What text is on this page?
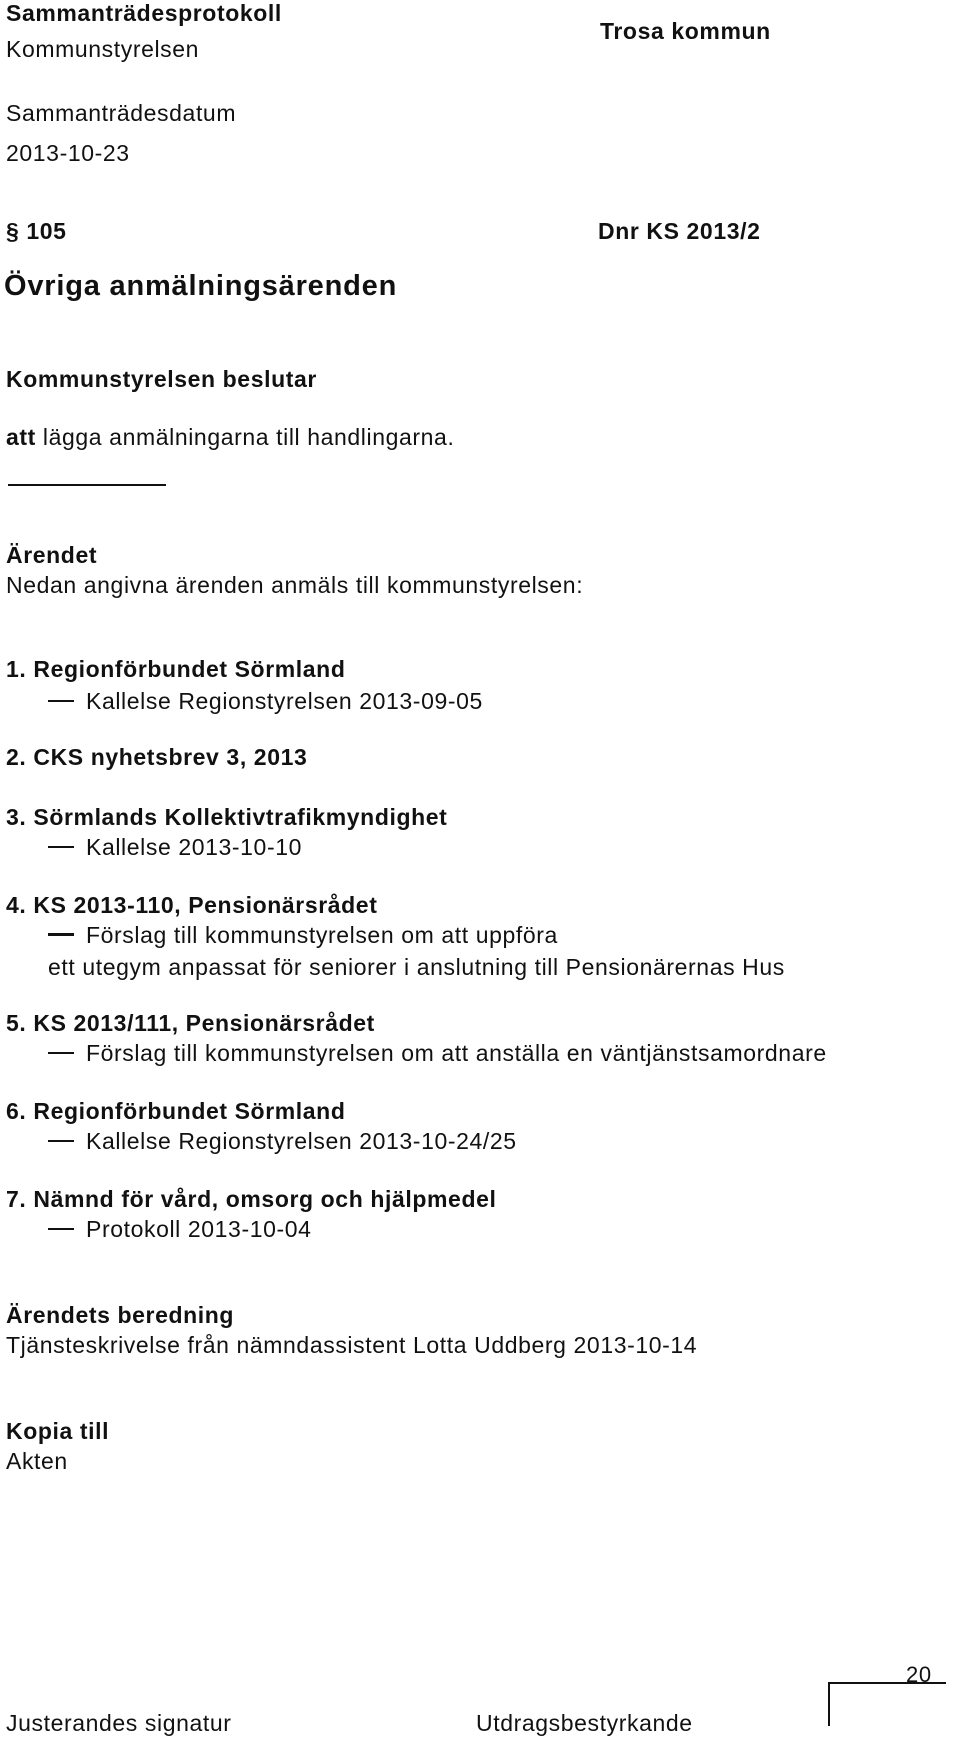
Sammanträdesprotokoll
Kommunstyrelsen
Trosa kommun
Sammanträdesdatum
2013-10-23
§ 105	Dnr KS 2013/2
Övriga anmälningsärenden
Kommunstyrelsen beslutar
att lägga anmälningarna till handlingarna.
Ärendet
Nedan angivna ärenden anmäls till kommunstyrelsen:
1. Regionförbundet Sörmland
Kallelse Regionstyrelsen 2013-09-05
2. CKS nyhetsbrev 3, 2013
3. Sörmlands Kollektivtrafikmyndighet
Kallelse 2013-10-10
4. KS 2013-110, Pensionärsrådet
Förslag till kommunstyrelsen om att uppföra
ett utegym anpassat för seniorer i anslutning till Pensionärernas Hus
5. KS 2013/111, Pensionärsrådet
Förslag till kommunstyrelsen om att anställa en väntjänstsamordnare
6. Regionförbundet Sörmland
Kallelse Regionstyrelsen 2013-10-24/25
7. Nämnd för vård, omsorg och hjälpmedel
Protokoll 2013-10-04
Ärendets beredning
Tjänsteskrivelse från nämndassistent Lotta Uddberg 2013-10-14
Kopia till
Akten
Justerandes signatur	Utdragsbestyrkande
20
